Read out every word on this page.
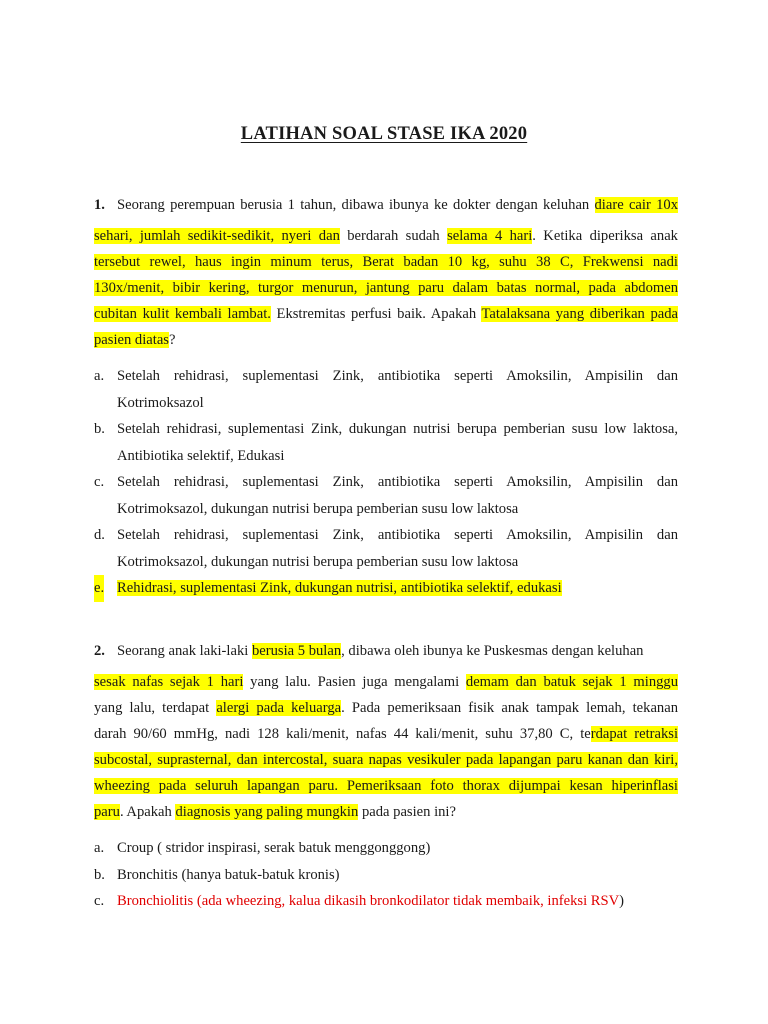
LATIHAN SOAL STASE IKA 2020
1. Seorang perempuan berusia 1 tahun, dibawa ibunya ke dokter dengan keluhan diare cair 10x
sehari, jumlah sedikit-sedikit, nyeri dan berdarah sudah selama 4 hari. Ketika diperiksa anak
tersebut rewel, haus ingin minum terus, Berat badan 10 kg, suhu 38 C, Frekwensi nadi
130x/menit, bibir kering, turgor menurun, jantung paru dalam batas normal, pada abdomen
cubitan kulit kembali lambat. Ekstremitas perfusi baik. Apakah Tatalaksana yang diberikan pada
pasien diatas?
a. Setelah rehidrasi, suplementasi Zink, antibiotika seperti Amoksilin, Ampisilin dan Kotrimoksazol
b. Setelah rehidrasi, suplementasi Zink, dukungan nutrisi berupa pemberian susu low laktosa, Antibiotika selektif, Edukasi
c. Setelah rehidrasi, suplementasi Zink, antibiotika seperti Amoksilin, Ampisilin dan Kotrimoksazol, dukungan nutrisi berupa pemberian susu low laktosa
d. Setelah rehidrasi, suplementasi Zink, antibiotika seperti Amoksilin, Ampisilin dan Kotrimoksazol, dukungan nutrisi berupa pemberian susu low laktosa
e. Rehidrasi, suplementasi Zink, dukungan nutrisi, antibiotika selektif, edukasi
2. Seorang anak laki-laki berusia 5 bulan, dibawa oleh ibunya ke Puskesmas dengan keluhan
sesak nafas sejak 1 hari yang lalu. Pasien juga mengalami demam dan batuk sejak 1 minggu
yang lalu, terdapat alergi pada keluarga. Pada pemeriksaan fisik anak tampak lemah, tekanan
darah 90/60 mmHg, nadi 128 kali/menit, nafas 44 kali/menit, suhu 37,80 C, terdapat retraksi
subcostal, suprasternal, dan intercostal, suara napas vesikuler pada lapangan paru kanan dan kiri,
wheezing pada seluruh lapangan paru. Pemeriksaan foto thorax dijumpai kesan hiperinflasi
paru. Apakah diagnosis yang paling mungkin pada pasien ini?
a. Croup ( stridor inspirasi, serak batuk menggonggong)
b. Bronchitis (hanya batuk-batuk kronis)
c. Bronchiolitis (ada wheezing, kalua dikasih bronkodilator tidak membaik, infeksi RSV)
